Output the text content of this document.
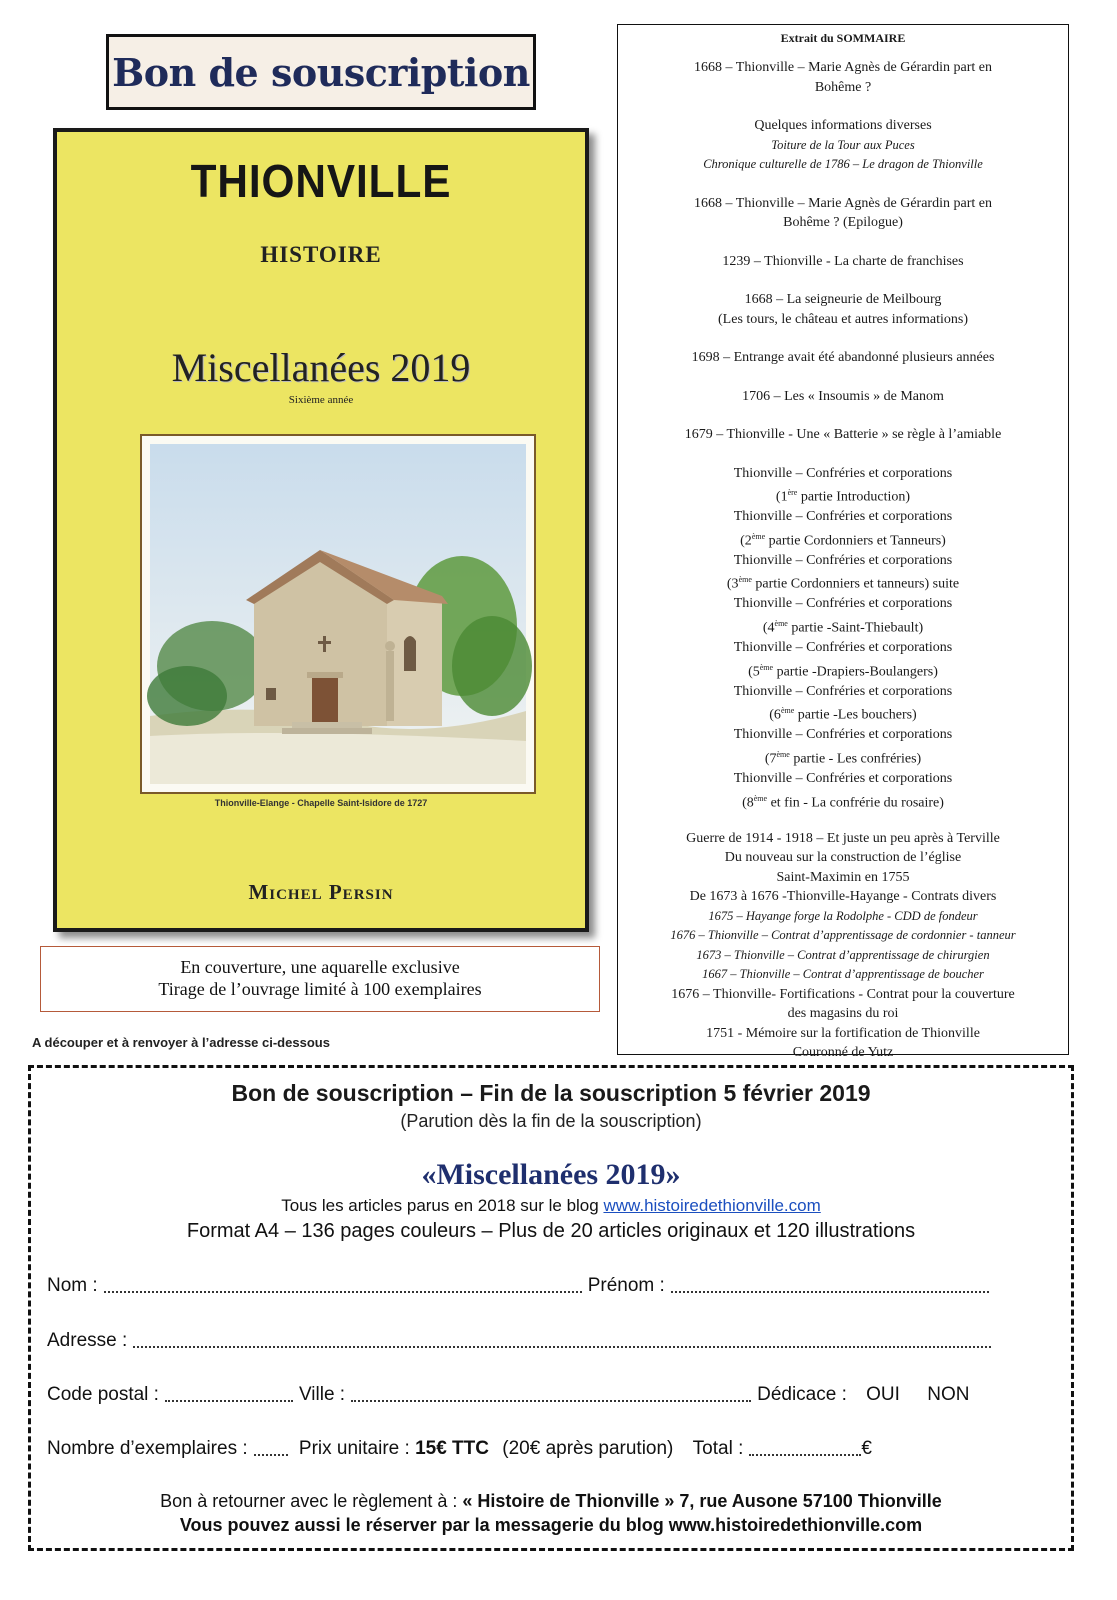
Bon de souscription
THIONVILLE
HISTOIRE
Miscellanées 2019
Sixième année
Thionville-Elange - Chapelle Saint-Isidore de 1727
Michel Persin
En couverture, une aquarelle exclusive
Tirage de l’ouvrage limité à 100 exemplaires
A découper et à renvoyer à l’adresse ci-dessous
Extrait du SOMMAIRE
1668 – Thionville – Marie Agnès de Gérardin part en
Bohême ?
Quelques informations diverses
Toiture de la Tour aux Puces
Chronique culturelle de 1786 – Le dragon de Thionville
1668 – Thionville – Marie Agnès de Gérardin part en
Bohême ? (Epilogue)
1239 – Thionville - La charte de franchises
1668 – La seigneurie de Meilbourg
(Les tours, le château et autres informations)
1698 – Entrange avait été abandonné plusieurs années
1706 – Les « Insoumis » de Manom
1679 – Thionville - Une « Batterie » se règle à l’amiable
Thionville – Confréries et corporations
(1ère partie Introduction)
Thionville – Confréries et corporations
(2ème partie Cordonniers et Tanneurs)
Thionville – Confréries et corporations
(3ème partie Cordonniers et tanneurs) suite
Thionville – Confréries et corporations
(4ème partie -Saint-Thiebault)
Thionville – Confréries et corporations
(5ème partie -Drapiers-Boulangers)
Thionville – Confréries et corporations
(6ème partie -Les bouchers)
Thionville – Confréries et corporations
(7ème partie - Les confréries)
Thionville – Confréries et corporations
(8ème et fin - La confrérie du rosaire)
Guerre de 1914 - 1918 – Et juste un peu après à Terville
Du nouveau sur la construction de l’église
Saint-Maximin en 1755
De 1673 à 1676 -Thionville-Hayange - Contrats divers
1675 – Hayange forge la Rodolphe - CDD de fondeur
1676 – Thionville – Contrat d’apprentissage de cordonnier - tanneur
1673 – Thionville – Contrat d’apprentissage de chirurgien
1667 – Thionville – Contrat d’apprentissage de boucher
1676 – Thionville- Fortifications - Contrat pour la couverture
des magasins du roi
1751 - Mémoire sur la fortification de Thionville
Couronné de Yutz
Bon de souscription – Fin de la souscription 5 février 2019
(Parution dès la fin de la souscription)
«Miscellanées 2019»
Tous les articles parus en 2018 sur le blog www.histoiredethionville.com
Format A4 – 136 pages couleurs – Plus de 20 articles originaux et 120 illustrations
Nom :	Prénom :
Adresse :
Code postal :	Ville :	Dédicace : OUI NON
Nombre d’exemplaires :	Prix unitaire : 15€ TTC (20€ après parution) Total :	€
Bon à retourner avec le règlement à : « Histoire de Thionville » 7, rue Ausone 57100 Thionville
Vous pouvez aussi le réserver par la messagerie du blog www.histoiredethionville.com
